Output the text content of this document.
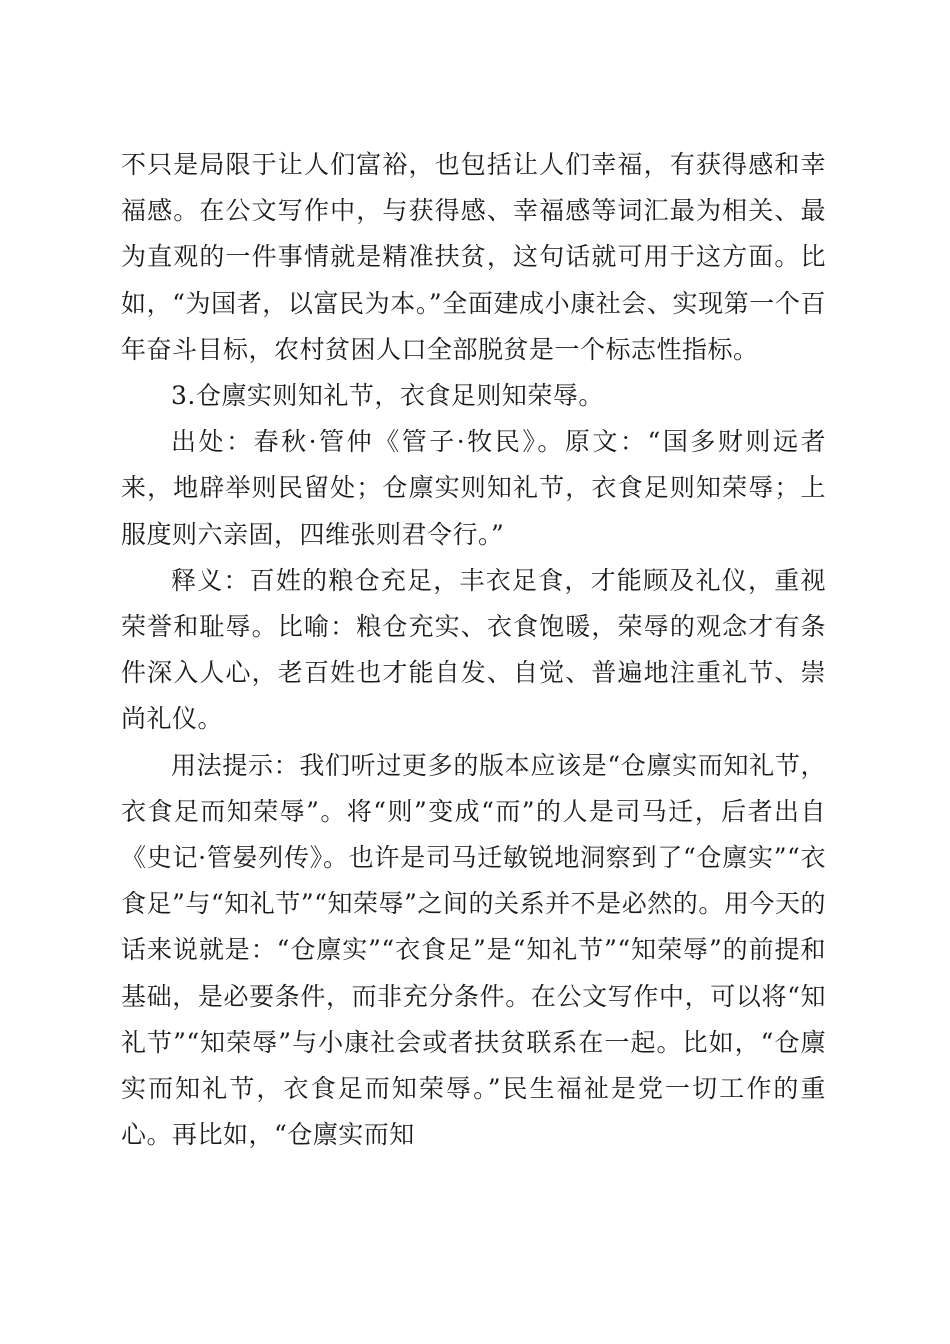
不只是局限于让人们富裕，也包括让人们幸福，有获得感和幸福感。在公文写作中，与获得感、幸福感等词汇最为相关、最为直观的一件事情就是精准扶贫，这句话就可用于这方面。比如，“为国者，以富民为本。”全面建成小康社会、实现第一个百年奋斗目标，农村贫困人口全部脱贫是一个标志性指标。

3.仓廪实则知礼节，衣食足则知荣辱。

出处：春秋·管仲《管子·牧民》。原文：“国多财则远者来，地辟举则民留处；仓廪实则知礼节，衣食足则知荣辱；上服度则六亲固，四维张则君令行。”

释义：百姓的粮仓充足，丰衣足食，才能顾及礼仪，重视荣誉和耻辱。比喻：粮仓充实、衣食饱暖，荣辱的观念才有条件深入人心，老百姓也才能自发、自觉、普遍地注重礼节、崇尚礼仪。

用法提示：我们听过更多的版本应该是“仓廪实而知礼节，衣食足而知荣辱”。将“则”变成“而”的人是司马迁，后者出自《史记·管晏列传》。也许是司马迁敏锐地洞察到了“仓廪实”“衣食足”与“知礼节”“知荣辱”之间的关系并不是必然的。用今天的话来说就是：“仓廪实”“衣食足”是“知礼节”“知荣辱”的前提和基础，是必要条件，而非充分条件。在公文写作中，可以将“知礼节”“知荣辱”与小康社会或者扶贫联系在一起。比如，“仓廪实而知礼节，衣食足而知荣辱。”民生福祉是党一切工作的重心。再比如，“仓廪实而知
